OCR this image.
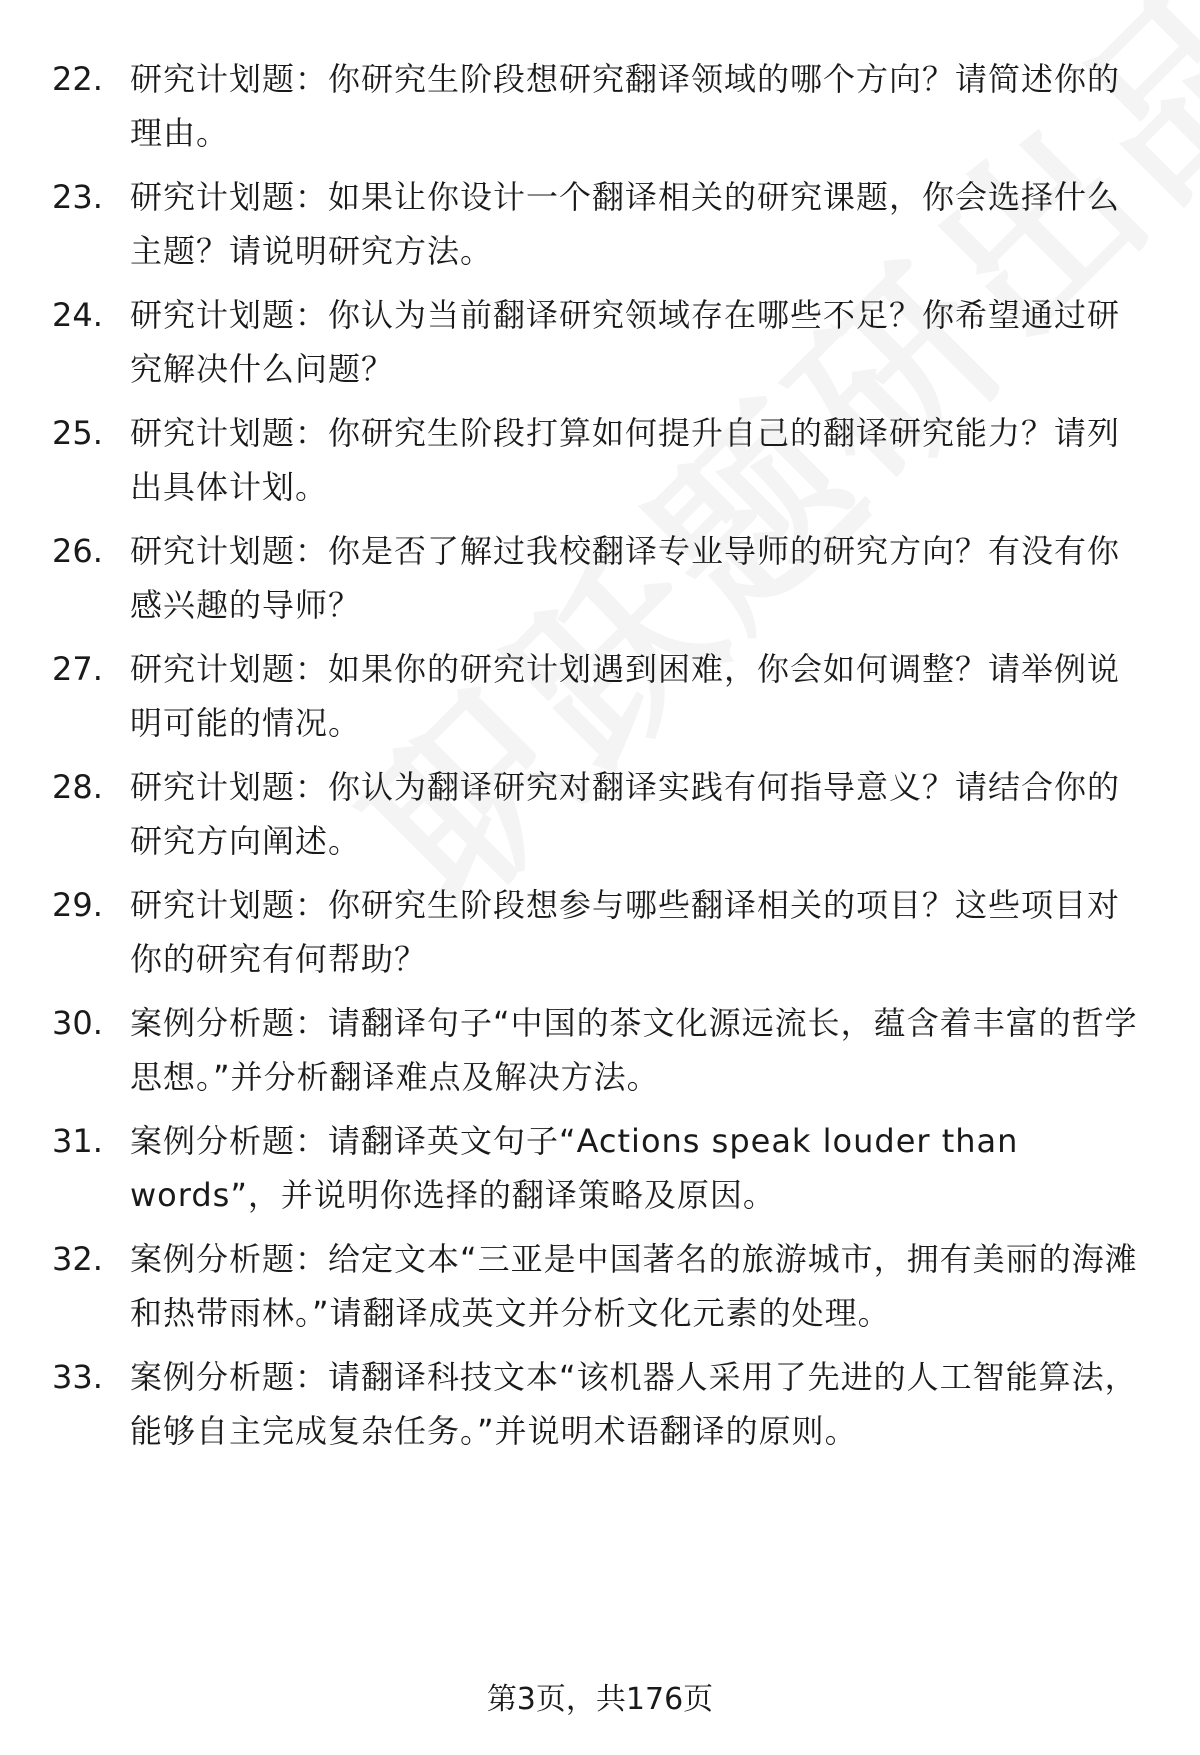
22. 研究计划题：你研究生阶段想研究翻译领域的哪个方向？请简述你的理由。
23. 研究计划题：如果让你设计一个翻译相关的研究课题，你会选择什么主题？请说明研究方法。
24. 研究计划题：你认为当前翻译研究领域存在哪些不足？你希望通过研究解决什么问题？
25. 研究计划题：你研究生阶段打算如何提升自己的翻译研究能力？请列出具体计划。
26. 研究计划题：你是否了解过我校翻译专业导师的研究方向？有没有你感兴趣的导师？
27. 研究计划题：如果你的研究计划遇到困难，你会如何调整？请举例说明可能的情况。
28. 研究计划题：你认为翻译研究对翻译实践有何指导意义？请结合你的研究方向阐述。
29. 研究计划题：你研究生阶段想参与哪些翻译相关的项目？这些项目对你的研究有何帮助？
30. 案例分析题：请翻译句子“中国的茶文化源远流长，蕴含着丰富的哲学思想。”并分析翻译难点及解决方法。
31. 案例分析题：请翻译英文句子“Actions speak louder than words”，并说明你选择的翻译策略及原因。
32. 案例分析题：给定文本“三亚是中国著名的旅游城市，拥有美丽的海滩和热带雨林。”请翻译成英文并分析文化元素的处理。
33. 案例分析题：请翻译科技文本“该机器人采用了先进的人工智能算法，能够自主完成复杂任务。”并说明术语翻译的原则。
第3页，共176页
